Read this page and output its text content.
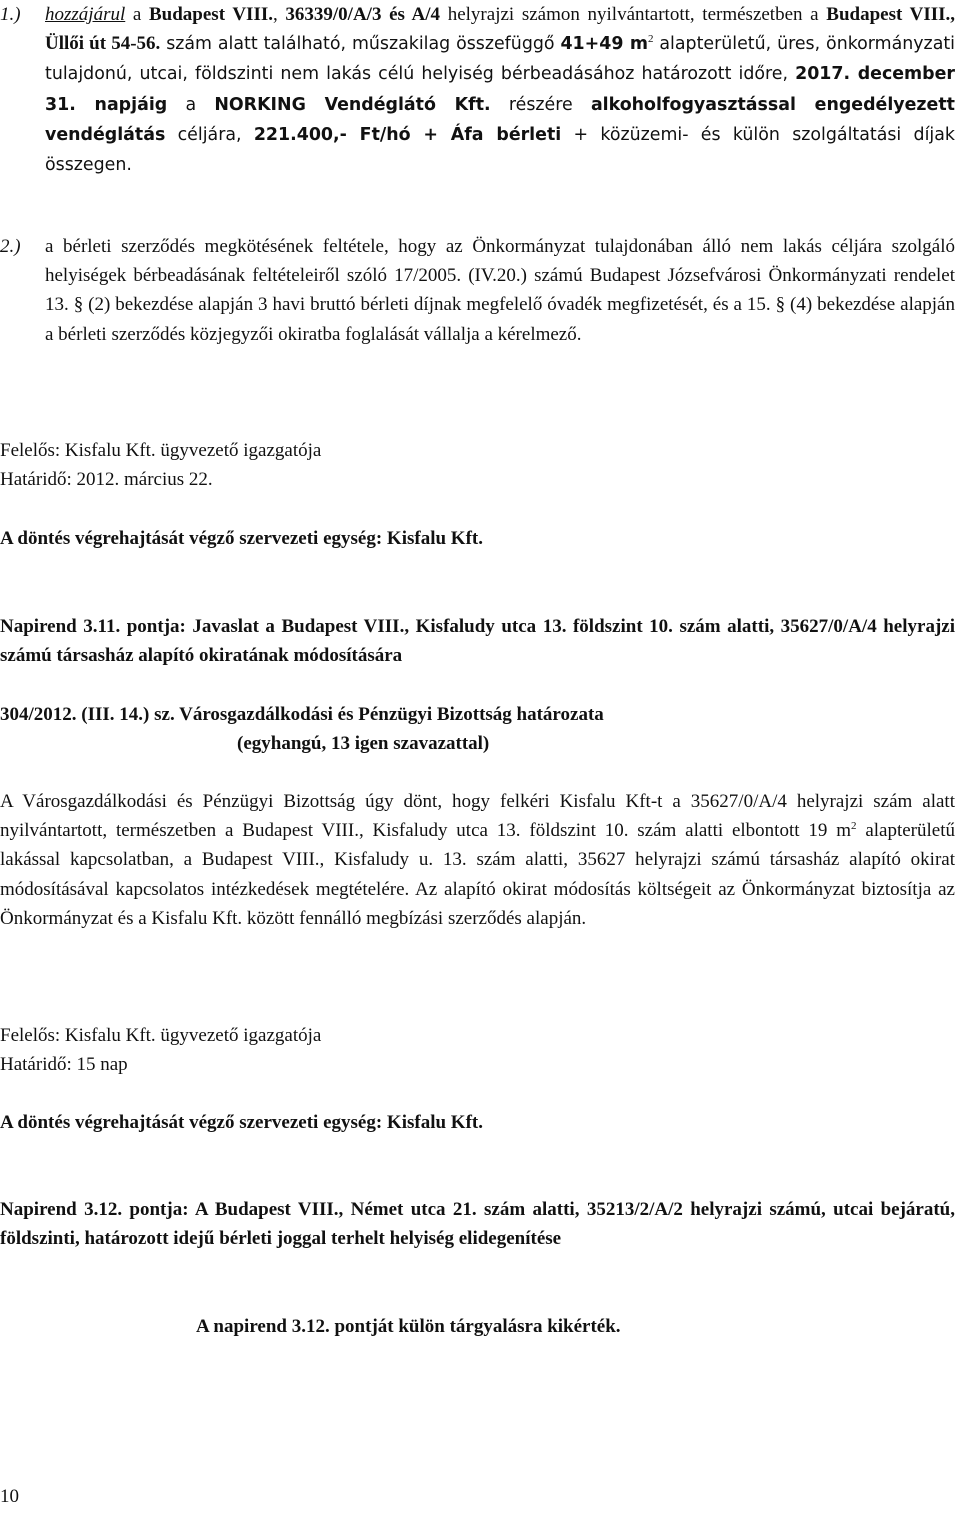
1.) hozzájárul a Budapest VIII., 36339/0/A/3 és A/4 helyrajzi számon nyilvántartott, természetben a Budapest VIII., Üllői út 54-56. szám alatt található, műszakilag összefüggő 41+49 $m^2$ alapterületű, üres, önkormányzati tulajdonú, utcai, földszinti nem lakás célú helyiség bérbeadásához határozott időre, 2017. december 31. napjáig a NORKING Vendéglátó Kft. részére alkoholfogyasztással engedélyezett vendéglátás céljára, 221.400,- Ft/hó + Áfa bérleti + közüzemi- és külön szolgáltatási díjak összegen.

2.) a bérleti szerződés megkötésének feltétele, hogy az Önkormányzat tulajdonában álló nem lakás céljára szolgáló helyiségek bérbeadásának feltételeiről szóló 17/2005. (IV.20.) számú Budapest Józsefvárosi Önkormányzati rendelet 13. § (2) bekezdése alapján 3 havi bruttó bérleti díjnak megfelelő óvadék megfizetését, és a 15. § (4) bekezdése alapján a bérleti szerződés közjegyzői okiratba foglalását vállalja a kérelmező.

Felelős: Kisfalu Kft. ügyvezető igazgatója
Határidő: 2012. március 22.
A döntés végrehajtását végző szervezeti egység: Kisfalu Kft.

Napirend 3.11. pontja: Javaslat a Budapest VIII., Kisfaludy utca 13. földszint 10. szám alatti, 35627/0/A/4 helyrajzi számú társasház alapító okiratának módosítására

304/2012. (III. 14.) sz. Városgazdálkodási és Pénzügyi Bizottság határozata
(egyhangú, 13 igen szavazattal)

A Városgazdálkodási és Pénzügyi Bizottság úgy dönt, hogy felkéri Kisfalu Kft-t a 35627/0/A/4 helyrajzi szám alatt nyilvántartott, természetben a Budapest VIII., Kisfaludy utca 13. földszint 10. szám alatti elbontott 19 $m^2$ alapterületű lakással kapcsolatban, a Budapest VIII., Kisfaludy u. 13. szám alatti, 35627 helyrajzi számú társasház alapító okirat módosításával kapcsolatos intézkedések megtételére. Az alapító okirat módosítás költségeit az Önkormányzat biztosítja az Önkormányzat és a Kisfalu Kft. között fennálló megbízási szerződés alapján.

Felelős: Kisfalu Kft. ügyvezető igazgatója
Határidő: 15 nap
A döntés végrehajtását végző szervezeti egység: Kisfalu Kft.

Napirend 3.12. pontja: A Budapest VIII., Német utca 21. szám alatti, 35213/2/A/2 helyrajzi számú, utcai bejáratú, földszinti, határozott idejű bérleti joggal terhelt helyiség elidegenítése

A napirend 3.12. pontját külön tárgyalásra kikérték.
10
